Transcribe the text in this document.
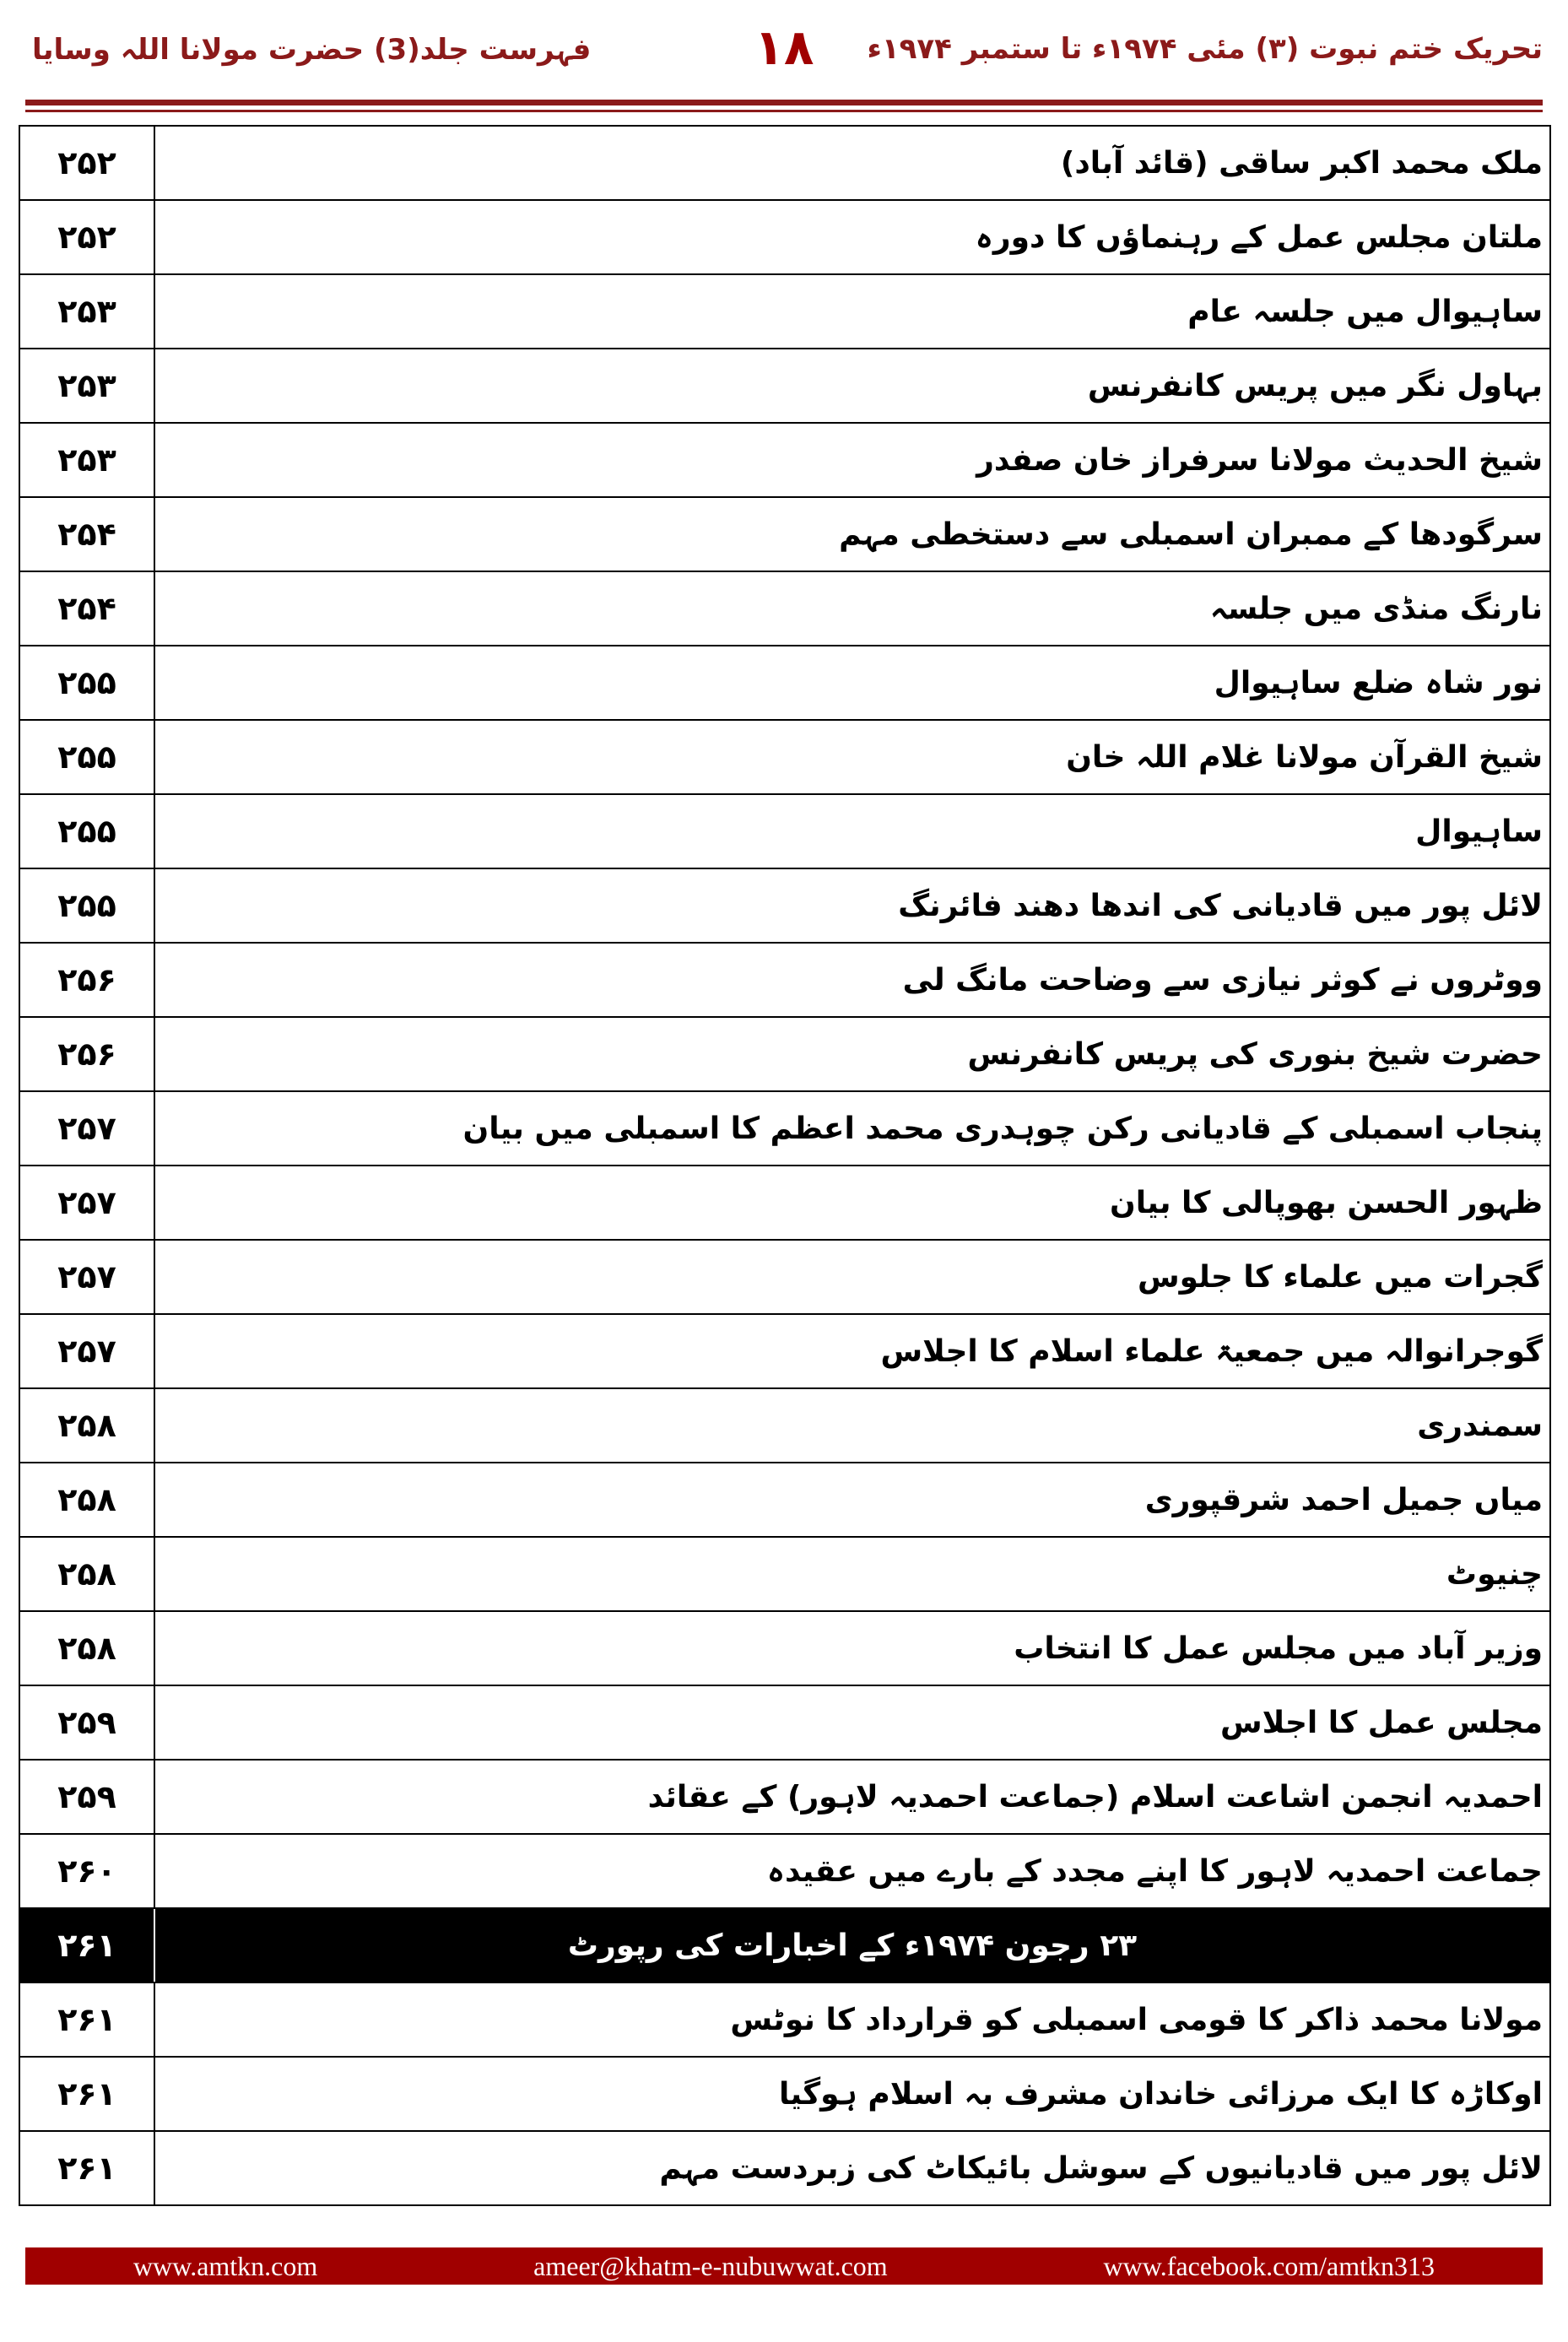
فہرست جلد(3) حضرت مولانا اللہ وسایا	۱۸	تحریک ختم نبوت (۳) مئی ۱۹۷۴ء تا ستمبر ۱۹۷۴ء
۲۵۲	ملک محمد اکبر ساقی (قائد آباد)
۲۵۲	ملتان مجلس عمل کے رہنماؤں کا دورہ
۲۵۳	ساہیوال میں جلسہ عام
۲۵۳	بہاول نگر میں پریس کانفرنس
۲۵۳	شیخ الحدیث مولانا سرفراز خان صفدر
۲۵۴	سرگودھا کے ممبران اسمبلی سے دستخطی مہم
۲۵۴	نارنگ منڈی میں جلسہ
۲۵۵	نور شاہ ضلع ساہیوال
۲۵۵	شیخ القرآن مولانا غلام اللہ خان
۲۵۵	ساہیوال
۲۵۵	لائل پور میں قادیانی کی اندھا دھند فائرنگ
۲۵۶	ووٹروں نے کوثر نیازی سے وضاحت مانگ لی
۲۵۶	حضرت شیخ بنوری کی پریس کانفرنس
۲۵۷	پنجاب اسمبلی کے قادیانی رکن چوہدری محمد اعظم کا اسمبلی میں بیان
۲۵۷	ظہور الحسن بھوپالی کا بیان
۲۵۷	گجرات میں علماء کا جلوس
۲۵۷	گوجرانوالہ میں جمعیۃ علماء اسلام کا اجلاس
۲۵۸	سمندری
۲۵۸	میاں جمیل احمد شرقپوری
۲۵۸	چنیوٹ
۲۵۸	وزیر آباد میں مجلس عمل کا انتخاب
۲۵۹	مجلس عمل کا اجلاس
۲۵۹	احمدیہ انجمن اشاعت اسلام (جماعت احمدیہ لاہور) کے عقائد
۲۶۰	جماعت احمدیہ لاہور کا اپنے مجدد کے بارے میں عقیدہ
۲۶۱	۲۳ رجون ۱۹۷۴ء کے اخبارات کی رپورٹ
۲۶۱	مولانا محمد ذاکر کا قومی اسمبلی کو قرارداد کا نوٹس
۲۶۱	اوکاڑہ کا ایک مرزائی خاندان مشرف بہ اسلام ہوگیا
۲۶۱	لائل پور میں قادیانیوں کے سوشل بائیکاٹ کی زبردست مہم
www.amtkn.com	ameer@khatm-e-nubuwwat.com	www.facebook.com/amtkn313
